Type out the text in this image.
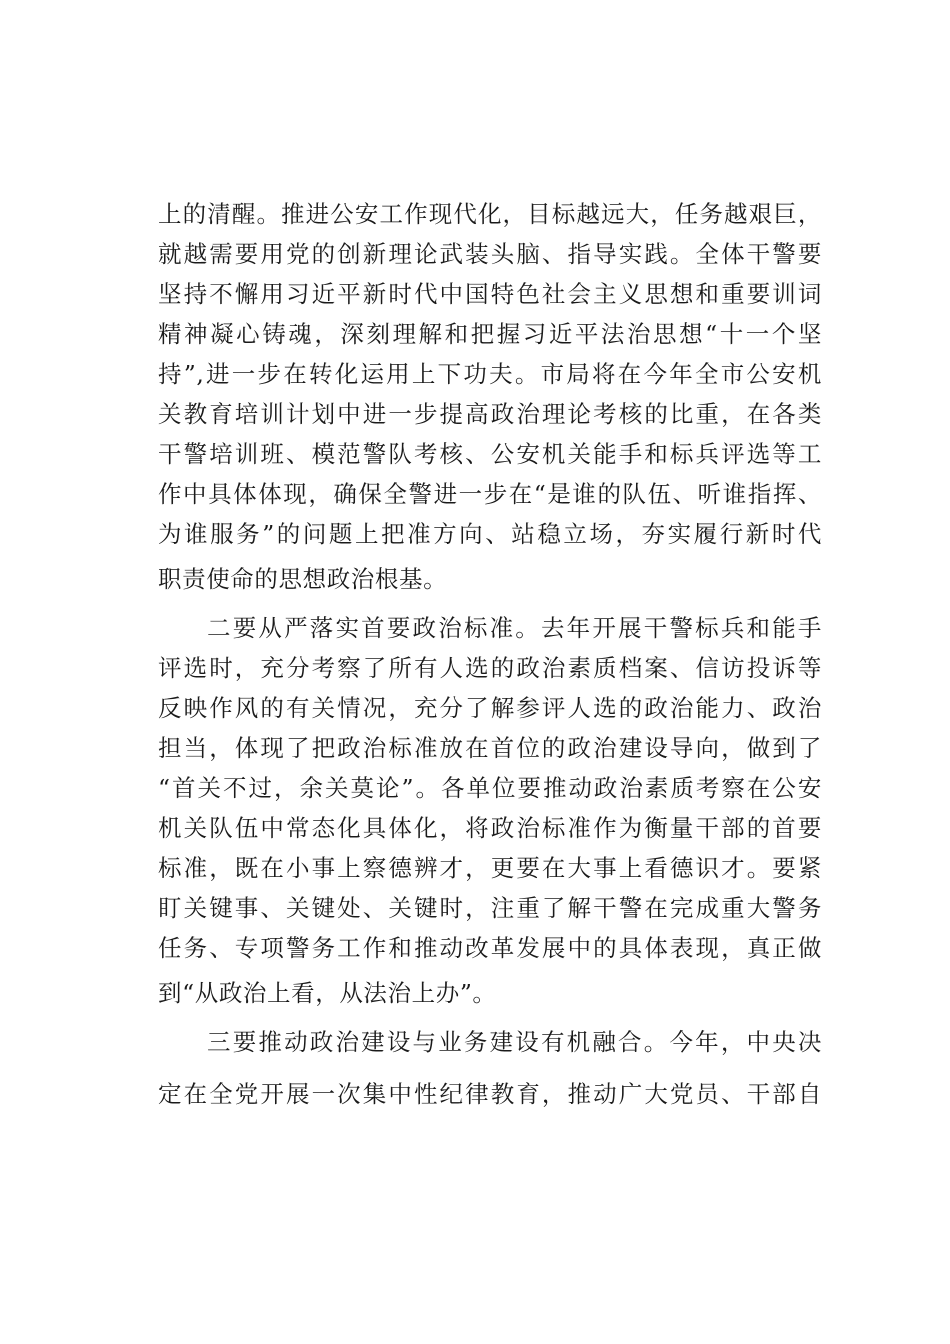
上的清醒。推进公安工作现代化，目标越远大，任务越艰巨，
就越需要用党的创新理论武装头脑、指导实践。全体干警要
坚持不懈用习近平新时代中国特色社会主义思想和重要训词
精神凝心铸魂，深刻理解和把握习近平法治思想“十一个坚
持”,进一步在转化运用上下功夫。市局将在今年全市公安机
关教育培训计划中进一步提高政治理论考核的比重，在各类
干警培训班、模范警队考核、公安机关能手和标兵评选等工
作中具体体现，确保全警进一步在“是谁的队伍、听谁指挥、
为谁服务”的问题上把准方向、站稳立场，夯实履行新时代
职责使命的思想政治根基。
二要从严落实首要政治标准。去年开展干警标兵和能手
评选时，充分考察了所有人选的政治素质档案、信访投诉等
反映作风的有关情况，充分了解参评人选的政治能力、政治
担当，体现了把政治标准放在首位的政治建设导向，做到了
“首关不过，余关莫论”。各单位要推动政治素质考察在公安
机关队伍中常态化具体化，将政治标准作为衡量干部的首要
标准，既在小事上察德辨才，更要在大事上看德识才。要紧
盯关键事、关键处、关键时，注重了解干警在完成重大警务
任务、专项警务工作和推动改革发展中的具体表现，真正做
到“从政治上看，从法治上办”。
三要推动政治建设与业务建设有机融合。今年，中央决
定在全党开展一次集中性纪律教育，推动广大党员、干部自
